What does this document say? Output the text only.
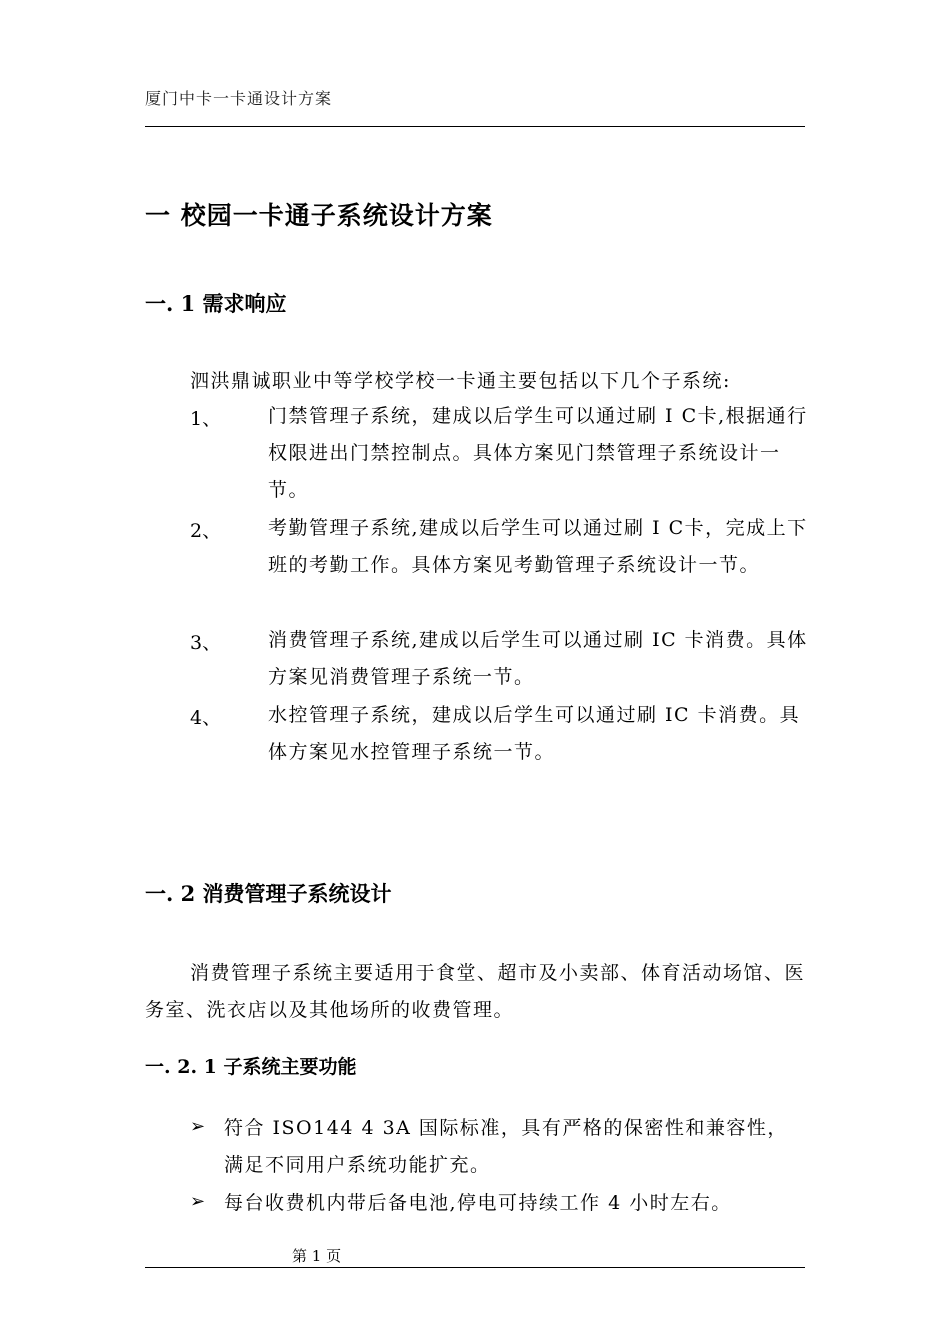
厦门中卡一卡通设计方案
一 校园一卡通子系统设计方案
一. 1 需求响应
泗洪鼎诚职业中等学校学校一卡通主要包括以下几个子系统:
1、 门禁管理子系统，建成以后学生可以通过刷 I C卡,根据通行权限进出门禁控制点。具体方案见门禁管理子系统设计一节。
2、 考勤管理子系统,建成以后学生可以通过刷 I C卡，完成上下班的考勤工作。具体方案见考勤管理子系统设计一节。
3、 消费管理子系统,建成以后学生可以通过刷 IC 卡消费。具体方案见消费管理子系统一节。
4、 水控管理子系统，建成以后学生可以通过刷 IC 卡消费。具体方案见水控管理子系统一节。
一. 2 消费管理子系统设计
消费管理子系统主要适用于食堂、超市及小卖部、体育活动场馆、医务室、洗衣店以及其他场所的收费管理。
一. 2. 1 子系统主要功能
➢ 符合 ISO144 4 3A 国际标准，具有严格的保密性和兼容性，满足不同用户系统功能扩充。
➢ 每台收费机内带后备电池,停电可持续工作 4 小时左右。
第 1 页
